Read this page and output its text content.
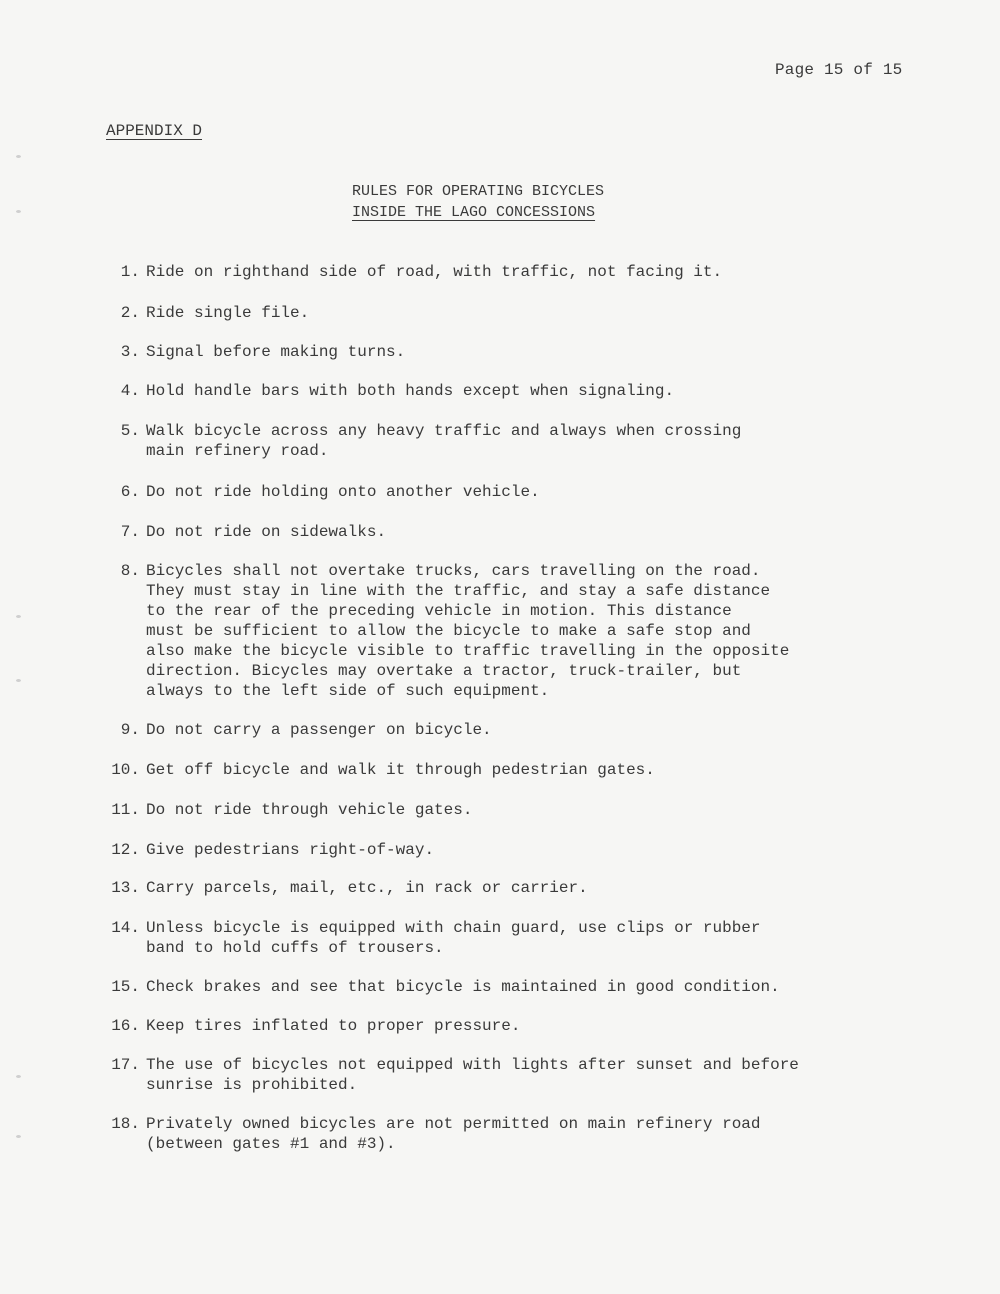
Page 15 of 15
APPENDIX D
RULES FOR OPERATING BICYCLES
INSIDE THE LAGO CONCESSIONS
1. Ride on righthand side of road, with traffic, not facing it.
2. Ride single file.
3. Signal before making turns.
4. Hold handle bars with both hands except when signaling.
5. Walk bicycle across any heavy traffic and always when crossing
main refinery road.
6. Do not ride holding onto another vehicle.
7. Do not ride on sidewalks.
8. Bicycles shall not overtake trucks, cars travelling on the road.
They must stay in line with the traffic, and stay a safe distance
to the rear of the preceding vehicle in motion. This distance
must be sufficient to allow the bicycle to make a safe stop and
also make the bicycle visible to traffic travelling in the opposite
direction. Bicycles may overtake a tractor, truck-trailer, but
always to the left side of such equipment.
9. Do not carry a passenger on bicycle.
10. Get off bicycle and walk it through pedestrian gates.
11. Do not ride through vehicle gates.
12. Give pedestrians right-of-way.
13. Carry parcels, mail, etc., in rack or carrier.
14. Unless bicycle is equipped with chain guard, use clips or rubber
band to hold cuffs of trousers.
15. Check brakes and see that bicycle is maintained in good condition.
16. Keep tires inflated to proper pressure.
17. The use of bicycles not equipped with lights after sunset and before
sunrise is prohibited.
18. Privately owned bicycles are not permitted on main refinery road
(between gates #1 and #3).
